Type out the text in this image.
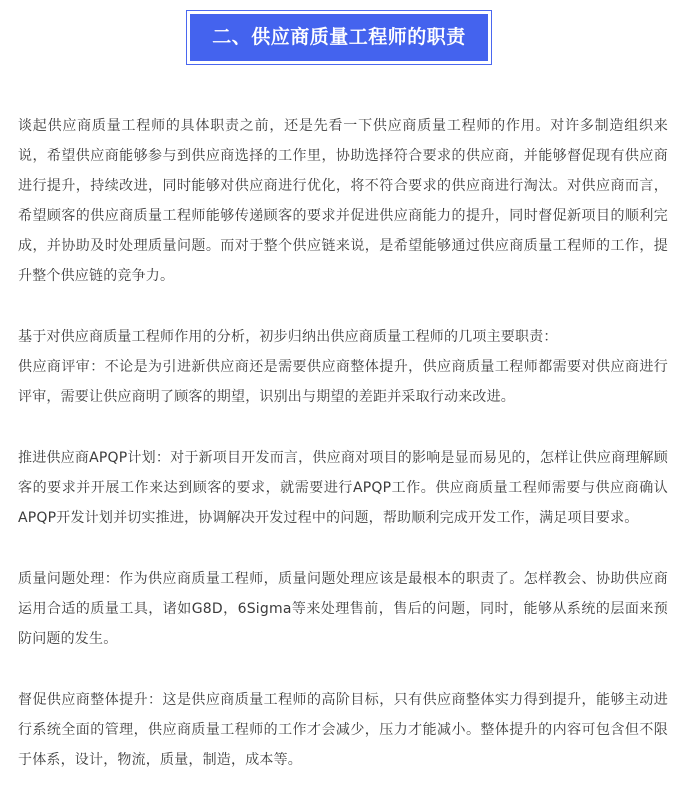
二、供应商质量工程师的职责

谈起供应商质量工程师的具体职责之前，还是先看一下供应商质量工程师的作用。对许多制造组织来说，希望供应商能够参与到供应商选择的工作里，协助选择符合要求的供应商，并能够督促现有供应商进行提升，持续改进，同时能够对供应商进行优化，将不符合要求的供应商进行淘汰。对供应商而言，希望顾客的供应商质量工程师能够传递顾客的要求并促进供应商能力的提升，同时督促新项目的顺利完成，并协助及时处理质量问题。而对于整个供应链来说，是希望能够通过供应商质量工程师的工作，提升整个供应链的竞争力。

基于对供应商质量工程师作用的分析，初步归纳出供应商质量工程师的几项主要职责：

供应商评审：不论是为引进新供应商还是需要供应商整体提升，供应商质量工程师都需要对供应商进行评审，需要让供应商明了顾客的期望，识别出与期望的差距并采取行动来改进。

推进供应商APQP计划：对于新项目开发而言，供应商对项目的影响是显而易见的，怎样让供应商理解顾客的要求并开展工作来达到顾客的要求，就需要进行APQP工作。供应商质量工程师需要与供应商确认APQP开发计划并切实推进，协调解决开发过程中的问题，帮助顺利完成开发工作，满足项目要求。

质量问题处理：作为供应商质量工程师，质量问题处理应该是最根本的职责了。怎样教会、协助供应商运用合适的质量工具，诸如G8D，6Sigma等来处理售前，售后的问题，同时，能够从系统的层面来预防问题的发生。

督促供应商整体提升：这是供应商质量工程师的高阶目标，只有供应商整体实力得到提升，能够主动进行系统全面的管理，供应商质量工程师的工作才会减少，压力才能减小。整体提升的内容可包含但不限于体系，设计，物流，质量，制造，成本等。
